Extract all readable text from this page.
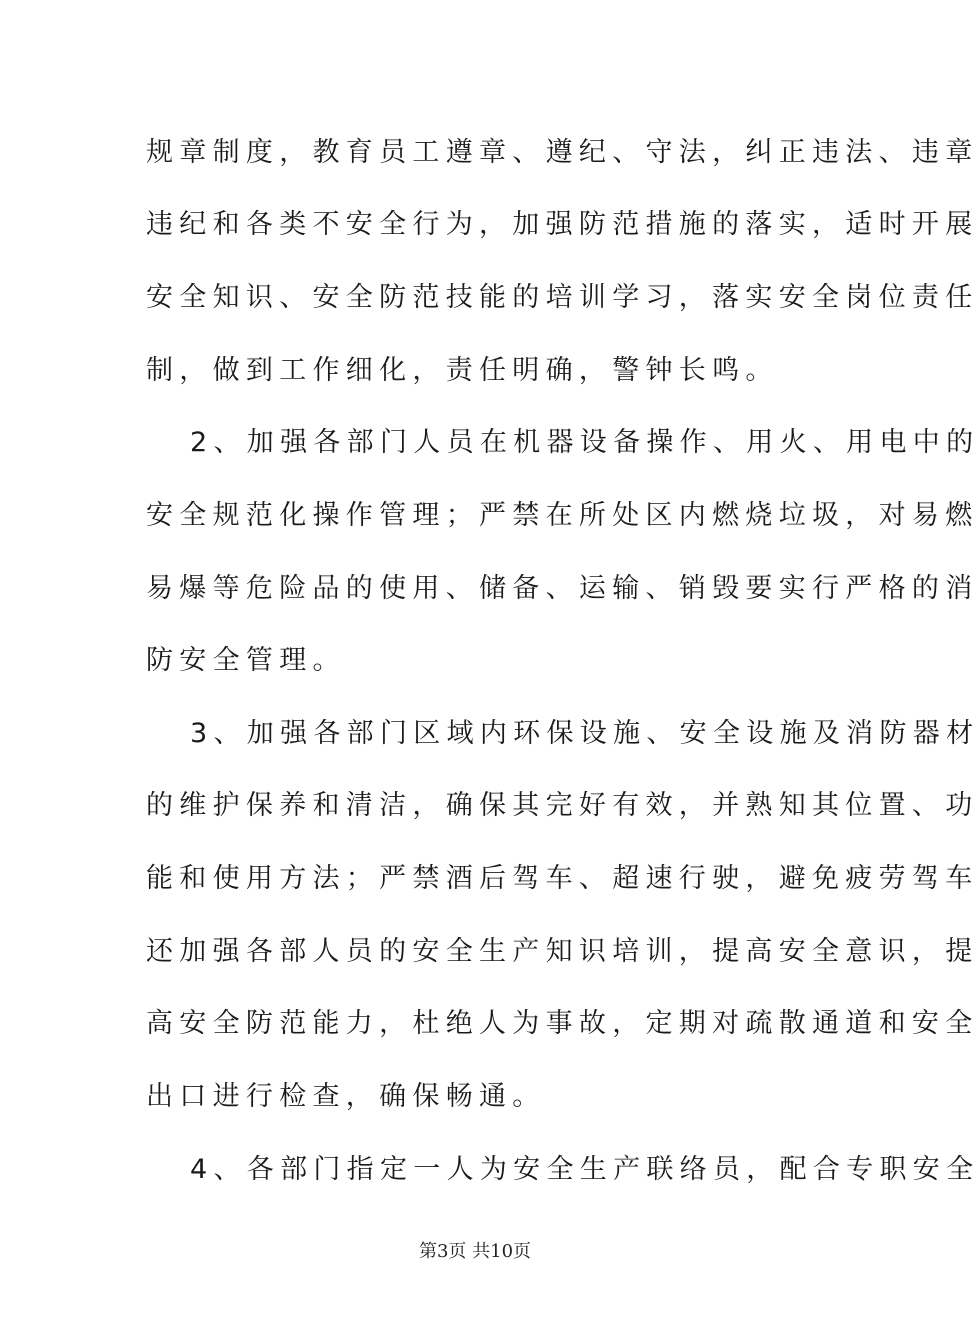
规章制度，教育员工遵章、遵纪、守法，纠正违法、违章
违纪和各类不安全行为，加强防范措施的落实，适时开展
安全知识、安全防范技能的培训学习，落实安全岗位责任
制，做到工作细化，责任明确，警钟长鸣。
2、加强各部门人员在机器设备操作、用火、用电中的
安全规范化操作管理；严禁在所处区内燃烧垃圾，对易燃
易爆等危险品的使用、储备、运输、销毁要实行严格的消
防安全管理。
3、加强各部门区域内环保设施、安全设施及消防器材
的维护保养和清洁，确保其完好有效，并熟知其位置、功
能和使用方法；严禁酒后驾车、超速行驶，避免疲劳驾车
还加强各部人员的安全生产知识培训，提高安全意识，提
高安全防范能力，杜绝人为事故，定期对疏散通道和安全
出口进行检查，确保畅通。
4、各部门指定一人为安全生产联络员，配合专职安全
第3页 共10页
